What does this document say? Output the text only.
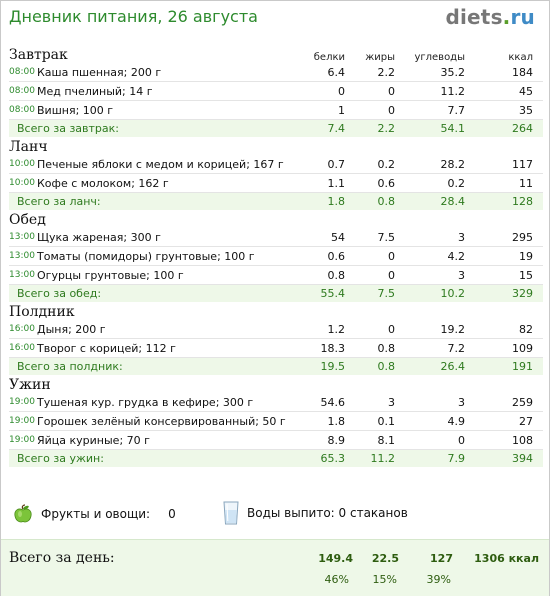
Дневник питания, 26 августа	diets.ru
Завтрак		белки	жиры	углеводы	ккал
08:00	Каша пшенная; 200 г	6.4	2.2	35.2	184
08:00	Мед пчелиный; 14 г	0	0	11.2	45
08:00	Вишня; 100 г	1	0	7.7	35
Всего за завтрак:		7.4	2.2	54.1	264
Ланч					
10:00	Печеные яблоки с медом и корицей; 167 г	0.7	0.2	28.2	117
10:00	Кофе с молоком; 162 г	1.1	0.6	0.2	11
Всего за ланч:		1.8	0.8	28.4	128
Обед					
13:00	Щука жареная; 300 г	54	7.5	3	295
13:00	Томаты (помидоры) грунтовые; 100 г	0.6	0	4.2	19
13:00	Огурцы грунтовые; 100 г	0.8	0	3	15
Всего за обед:		55.4	7.5	10.2	329
Полдник					
16:00	Дыня; 200 г	1.2	0	19.2	82
16:00	Творог с корицей; 112 г	18.3	0.8	7.2	109
Всего за полдник:		19.5	0.8	26.4	191
Ужин					
19:00	Тушеная кур. грудка в кефире; 300 г	54.6	3	3	259
19:00	Горошек зелёный консервированный; 50 г	1.8	0.1	4.9	27
19:00	Яйца куриные; 70 г	8.9	8.1	0	108
Всего за ужин:		65.3	11.2	7.9	394
Фрукты и овощи: 0	Воды выпито: 0 стаканов
Всего за день:	149.4	22.5	127	1306 ккал
46%	15%	39%
